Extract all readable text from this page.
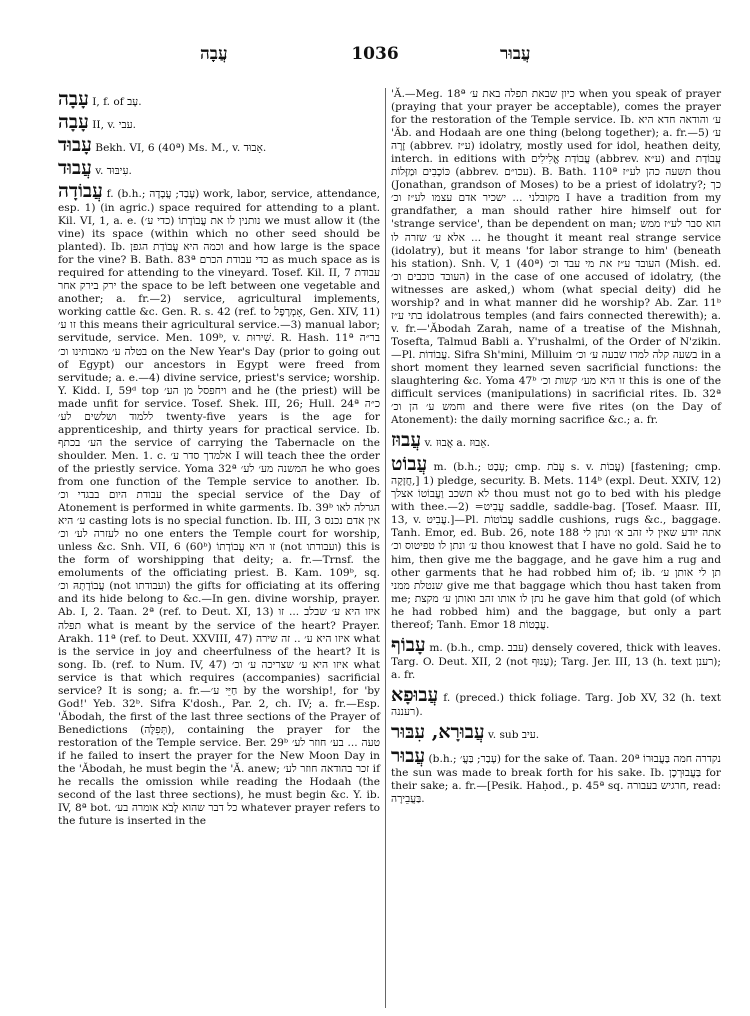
עֲבָה	1036	עֲבוּר

עָבָה I, f. of עָב.

עָבָה II, v. עבי.

עָבוּד Bekh. VI, 6 (40ª) Ms. M., v. אָבוּד.

עֲבוּד v. עִיבּוּד.

עֲבוֹדָה f. (b.h.; עָבַד; עֲבָדָה) work, labor, service, attendance, esp. 1) (in agric.) space required for attending to a plant. Kil. VI, 1, a. e. (כדי ע׳) נותנין לו את עֲבוֹדָתוֹ we must allow it (the vine) its space (within which no other seed should be planted). Ib. וכמה היא עֲבוֹדַת הגפן and how large is the space for the vine? B. Bath. 83ª כדי עבודת הכרם as much space as is required for attending to the vineyard. Tosef. Kil. II, 7 עבודת ירק בירק אחר the space to be left between one vegetable and another; a. fr.—2) service, agricultural implements, working cattle &c. Gen. R. s. 42 (ref. to אָמְרָפֶל, Gen. XIV, 11) זו ע׳ this means their agricultural service.—3) manual labor; servitude, service. Men. 109ᵇ, v. שִׁירוּת. R. Hash. 11ª בר״ה בטלה ע׳ מאבותינו וכ׳ on the New Year's Day (prior to going out of Egypt) our ancestors in Egypt were freed from servitude; a. e.—4) divine service, priest's service; worship. Y. Kidd. I, 59ᵈ top ויחפסל מן הע׳ and he (the priest) will be made unfit for service. Tosef. Shek. III, 26; Hull. 24ª כ״ה ללמוד ושלשים לע׳ twenty-five years is the age for apprenticeship, and thirty years for practical service. Ib. הע׳ בכתף the service of carrying the Tabernacle on the shoulder. Men. 1. c. אלמדך סדר ע׳ I will teach thee the order of the priestly service. Yoma 32ª המשנה מע׳ לע׳ he who goes from one function of the Temple service to another. Ib. עבודת היום בבגדי וכ׳ the special service of the Day of Atonement is performed in white garments. Ib. 39ᵇ הגרלה לאו ע׳ היא casting lots is no special function. Ib. III, 3 אין אדם נכנס לעזרה לע׳ וכ׳ no one enters the Temple court for worship, unless &c. Snh. VII, 6 (60ᵇ) זו היא עֲבוֹדָתוֹ (not ועבודתו) this is the form of worshipping that deity; a. fr.—Trnsf. the emoluments of the officiating priest. B. Kam. 109ᵇ, sq. עֲבוֹדָתָהּ וכ׳ (not ועבודתו) the gifts for officiating at its offering and its hide belong to &c.—In gen. divine worship, prayer. Ab. I, 2. Taan. 2ª (ref. to Deut. XI, 13) איזו היא ע׳ שבלב ... זו תפלה what is meant by the service of the heart? Prayer. Arakh. 11ª (ref. to Deut. XXVIII, 47) איזו היא ע׳ .. זה שירה what is the service in joy and cheerfulness of the heart? It is song. Ib. (ref. to Num. IV, 47) איזו היא ע׳ שצריכה ע׳ וכ׳ what service is that which requires (accompanies) sacrificial service? It is song; a. fr.—חַיֵּי ע׳ by the worship!, for 'by God!' Yeb. 32ᵇ. Sifra K'dosh., Par. 2, ch. IV; a. fr.—Esp. 'Ăbodah, the first of the last three sections of the Prayer of Benedictions (תְּפִלָּה), containing the prayer for the restoration of the Temple service. Ber. 29ᵇ טעה ... בע׳ חוזר לע׳ if he failed to insert the prayer for the New Moon Day in the 'Ăbodah, he must begin the 'Ă. anew; זכר בהודאה חוזר לע׳ if he recalls the omission while reading the Hodaah (the second of the last three sections), he must begin &c. Y. ib. IV, 8ª bot. כל דבר שהוא לָבֹא אומרה בע׳ whatever prayer refers to the future is inserted in the

'Ă.—Meg. 18ª כיון שבאת תפלה באת ע׳ when you speak of prayer (praying that your prayer be acceptable), comes the prayer for the restoration of the Temple service. Ib. ע׳ והודאה חדא היא 'Ăb. and Hodaah are one thing (belong together); a. fr.—5) ע׳ זָרָה (abbrev. ע״ז) idolatry, mostly used for idol, heathen deity, interch. in editions with עֲבוֹדַת אֱלִילִים (abbrev. ע״א) and עֲבוֹדַת כּוֹכָבִים וּמַזָּלוֹת (abbrev. עכו״ם). B. Bath. 110ª תשעה כהן לע״ז thou (Jonathan, grandson of Moses) to be a priest of idolatry?; כך מקובלני ... ישכיר אדם עצמו לע״ז וכ׳ I have a tradition from my grandfather, a man should rather hire himself out for 'strange service', than be dependent on man; הוא סבר לע״ז ממש ... אלא ע׳ שזרה לו he thought it meant real strange service (idolatry), but it means 'for labor strange to him' (beneath his station). Snh. V, 1 (40ª) העובד ע״ז את מי עבד וכ׳ (Mish. ed. העובד כוכבים וכ׳) in the case of one accused of idolatry, (the witnesses are asked,) whom (what special deity) did he worship? and in what manner did he worship? Ab. Zar. 11ᵇ בתי ע״ז idolatrous temples (and fairs connected therewith); a. v. fr.—'Ăbodah Zarah, name of a treatise of the Mishnah, Tosefta, Talmud Babli a. Y'rushalmi, of the Order of N'zikin.—Pl. עֲבוֹדוֹת. Sifra Sh'mini, Milluim בשעה קלה למדו שבעה ע׳ וכ׳ in a short moment they learned seven sacrificial functions: the slaughtering &c. Yoma 47ᵇ זו היא מע׳ קשות וכ׳ this is one of the difficult services (manipulations) in sacrificial rites. Ib. 32ª וחמש ע׳ הן וכ׳ and there were five rites (on the Day of Atonement): the daily morning sacrifice &c.; a. fr.

עֲבוּז v. אֲבוּז a. אֵבוּז.

עֲבוֹט m. (b.h.; עָבַט; cmp. עֲבֹת s. v. עֲבוֹת) [fastening; cmp. חֲזָקָה,] 1) pledge, security. B. Mets. 114ᵇ (expl. Deut. XXIV, 12) לא תשכב וַעֲבוֹטוֹ אצלך thou must not go to bed with his pledge with thee.—2) =עֲבִיט saddle, saddle-bag. [Tosef. Maasr. III, 13, v. עֲבִיט.]—Pl. עֲבוֹטוֹת saddle cushions, rugs &c., baggage. Tanh. Emor, ed. Bub. 26, note 188 אתה יודע שאין לי זהב א׳ ונתן לי ע׳ ונתן לו טפיטוס וכ׳ thou knowest that I have no gold. Said he to him, then give me the baggage, and he gave him a rug and other garments that he had robbed him of; ib. תן לי אותן ע׳ שנטלת ממני give me that baggage which thou hast taken from me; נתן לו אותו זהב ואותן ע׳ מקצת he gave him that gold (of which he had robbed him) and the baggage, but only a part thereof; Tanh. Emor 18 עֲבָטוֹת.

עָבוֹף m. (b.h., cmp. עבב) densely covered, thick with leaves. Targ. O. Deut. XII, 2 (not עַנוּף); Targ. Jer. III, 13 (h. text רענן); a. fr.

עֲבוּפָא f. (preced.) thick foliage. Targ. Job XV, 32 (h. text רעננה).

עֲבוּרָא, עִבּוּר v. sub עיב.

עֲבוּר (b.h.; עָבַר; בַּעֲ׳) for the sake of. Taan. 20ª נקדרה חמה בַּעֲבוּרוֹ the sun was made to break forth for his sake. Ib. בַּעֲבוּרְכֶן for their sake; a. fr.—[Pesik. Haḥod., p. 45ª sq. חרגיש בעבורה, read: בַּעֲבֵירָה.
